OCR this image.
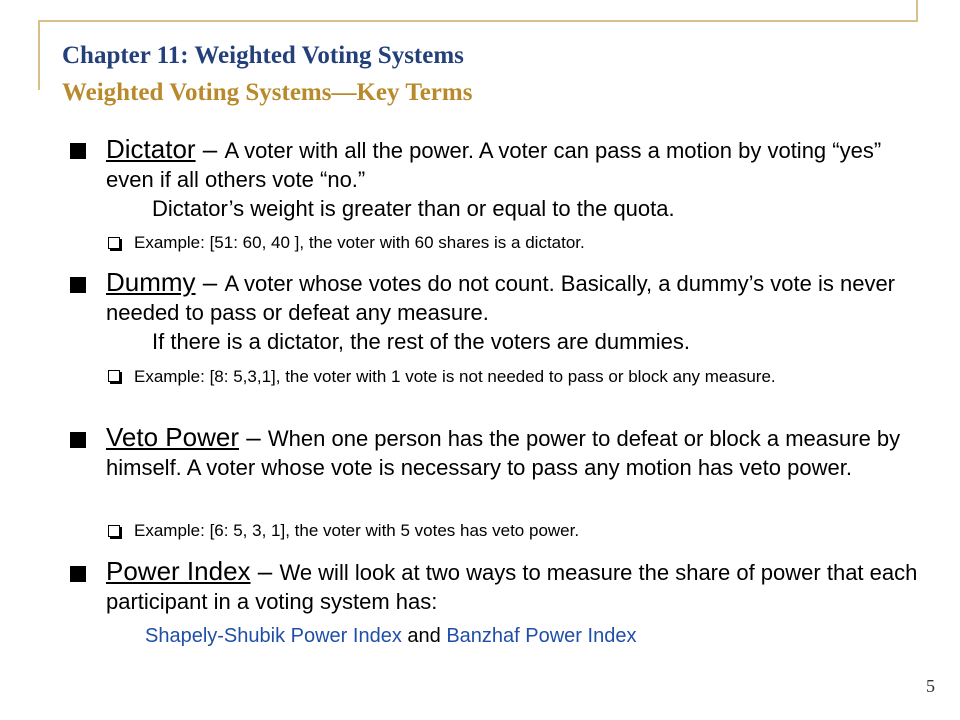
Chapter 11: Weighted Voting Systems
Weighted Voting Systems—Key Terms
Dictator – A voter with all the power. A voter can pass a motion by voting “yes” even if all others vote “no.”
Dictator’s weight is greater than or equal to the quota.
Example: [51: 60, 40 ], the voter with 60 shares is a dictator.
Dummy – A voter whose votes do not count. Basically, a dummy’s vote is never needed to pass or defeat any measure.
If there is a dictator, the rest of the voters are dummies.
Example: [8: 5,3,1], the voter with 1 vote is not needed to pass or block any measure.
Veto Power – When one person has the power to defeat or block a measure by himself. A voter whose vote is necessary to pass any motion has veto power.
Example: [6: 5, 3, 1], the voter with 5 votes has veto power.
Power Index – We will look at two ways to measure the share of power that each participant in a voting system has:
Shapely-Shubik Power Index and Banzhaf Power Index
5
